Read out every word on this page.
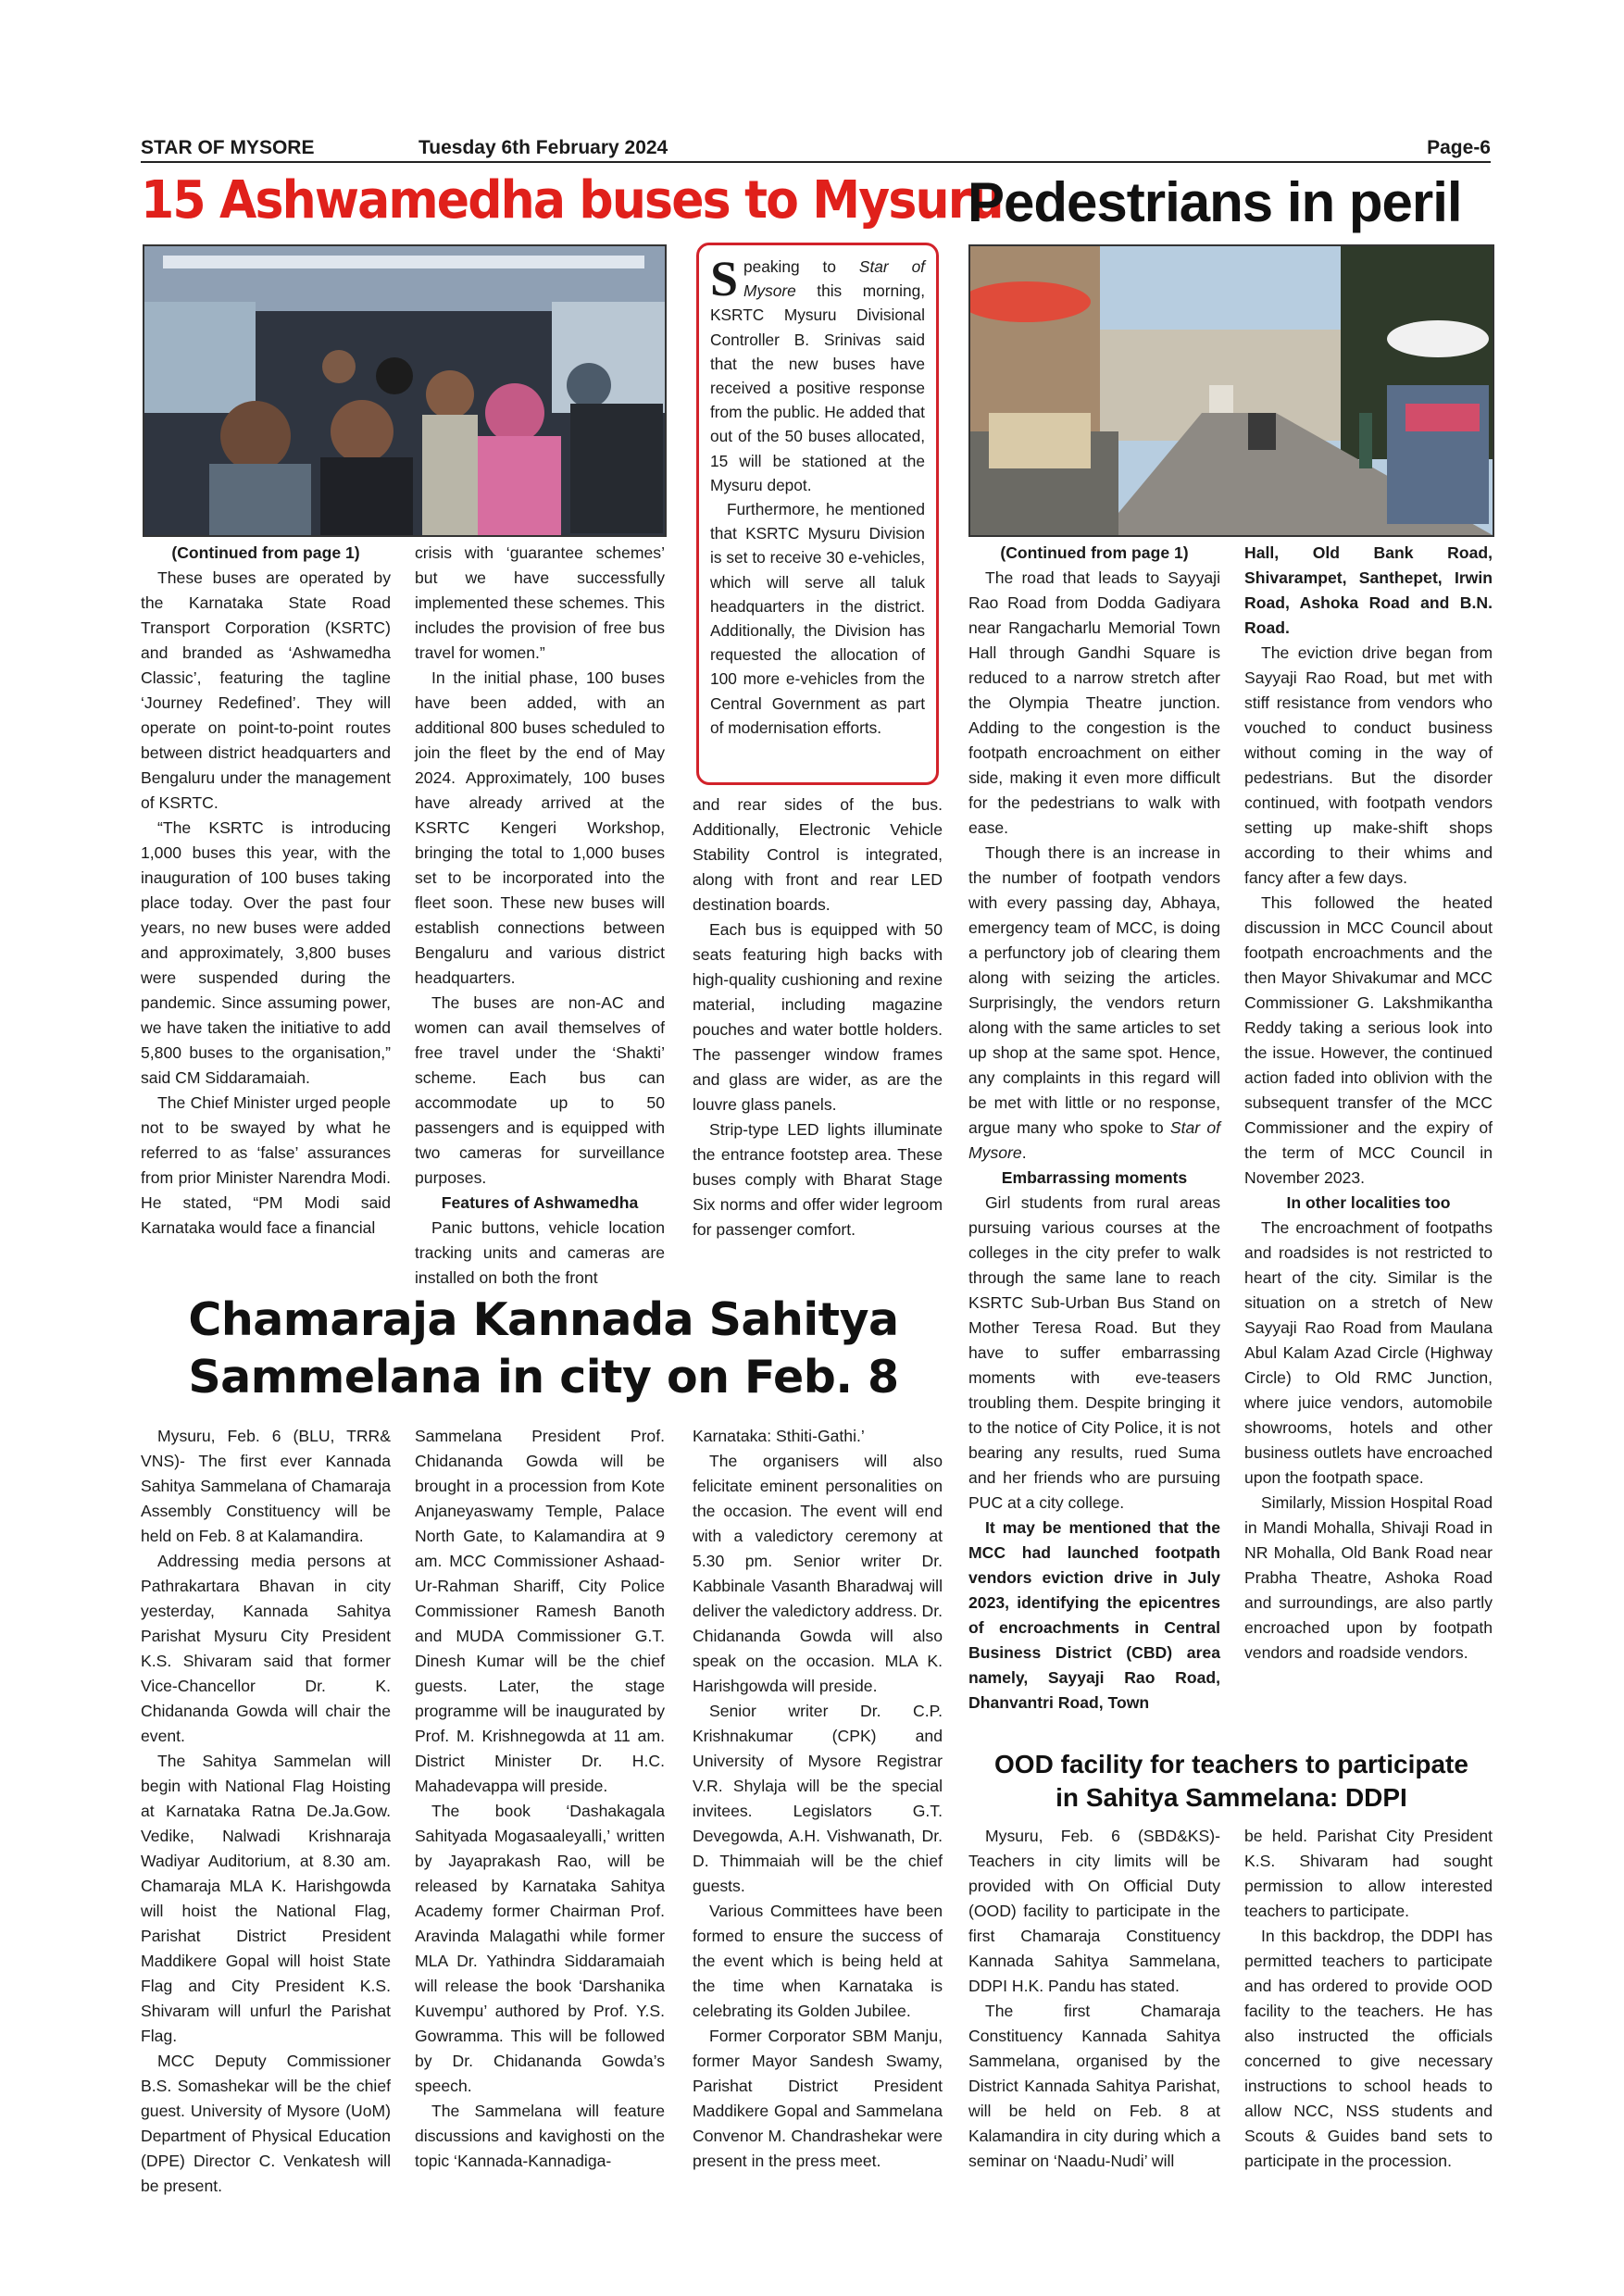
STAR OF MYSORE	Tuesday 6th February 2024	Page-6
15 Ashwamedha buses to Mysuru
Pedestrians in peril

Speaking to Star of Mysore this morning, KSRTC Mysuru Divisional Controller B. Srinivas said that the new buses have received a positive response from the public. He added that out of the 50 buses allocated, 15 will be stationed at the Mysuru depot.

Furthermore, he mentioned that KSRTC Mysuru Division is set to receive 30 e-vehicles, which will serve all taluk headquarters in the district. Additionally, the Division has requested the allocation of 100 more e-vehicles from the Central Government as part of modernisation efforts.

(Continued from page 1)

These buses are operated by the Karnataka State Road Transport Corporation (KSRTC) and branded as ‘Ashwamedha Classic’, featuring the tagline ‘Journey Redefined’. They will operate on point-to-point routes between district headquarters and Bengaluru under the management of KSRTC.

“The KSRTC is introducing 1,000 buses this year, with the inauguration of 100 buses taking place today. Over the past four years, no new buses were added and approximately, 3,800 buses were suspended during the pandemic. Since assuming power, we have taken the initiative to add 5,800 buses to the organisation,” said CM Siddaramaiah.

The Chief Minister urged people not to be swayed by what he referred to as ‘false’ assurances from prior Minister Narendra Modi. He stated, “PM Modi said Karnataka would face a financial

crisis with ‘guarantee schemes’ but we have successfully implemented these schemes. This includes the provision of free bus travel for women.”

In the initial phase, 100 buses have been added, with an additional 800 buses scheduled to join the fleet by the end of May 2024. Approximately, 100 buses have already arrived at the KSRTC Kengeri Workshop, bringing the total to 1,000 buses set to be incorporated into the fleet soon. These new buses will establish connections between Bengaluru and various district headquarters.

The buses are non-AC and women can avail themselves of free travel under the ‘Shakti’ scheme. Each bus can accommodate up to 50 passengers and is equipped with two cameras for surveillance purposes.

Features of Ashwamedha

Panic buttons, vehicle location tracking units and cameras are installed on both the front

and rear sides of the bus. Additionally, Electronic Vehicle Stability Control is integrated, along with front and rear LED destination boards.

Each bus is equipped with 50 seats featuring high backs with high-quality cushioning and rexine material, including magazine pouches and water bottle holders. The passenger window frames and glass are wider, as are the louvre glass panels.

Strip-type LED lights illuminate the entrance footstep area. These buses comply with Bharat Stage Six norms and offer wider legroom for passenger comfort.

(Continued from page 1)

The road that leads to Sayyaji Rao Road from Dodda Gadiyara near Rangacharlu Memorial Town Hall through Gandhi Square is reduced to a narrow stretch after the Olympia Theatre junction. Adding to the congestion is the footpath encroachment on either side, making it even more difficult for the pedestrians to walk with ease.

Though there is an increase in the number of footpath vendors with every passing day, Abhaya, emergency team of MCC, is doing a perfunctory job of clearing them along with seizing the articles. Surprisingly, the vendors return along with the same articles to set up shop at the same spot. Hence, any complaints in this regard will be met with little or no response, argue many who spoke to Star of Mysore.

Embarrassing moments

Girl students from rural areas pursuing various courses at the colleges in the city prefer to walk through the same lane to reach KSRTC Sub-Urban Bus Stand on Mother Teresa Road. But they have to suffer embarrassing moments with eve-teasers troubling them. Despite bringing it to the notice of City Police, it is not bearing any results, rued Suma and her friends who are pursuing PUC at a city college.

It may be mentioned that the MCC had launched footpath vendors eviction drive in July 2023, identifying the epicentres of encroachments in Central Business District (CBD) area namely, Sayyaji Rao Road, Dhanvantri Road, Town

Hall, Old Bank Road, Shivarampet, Santhepet, Irwin Road, Ashoka Road and B.N. Road.

The eviction drive began from Sayyaji Rao Road, but met with stiff resistance from vendors who vouched to conduct business without coming in the way of pedestrians. But the disorder continued, with footpath vendors setting up make-shift shops according to their whims and fancy after a few days.

This followed the heated discussion in MCC Council about footpath encroachments and the then Mayor Shivakumar and MCC Commissioner G. Lakshmikantha Reddy taking a serious look into the issue. However, the continued action faded into oblivion with the subsequent transfer of the MCC Commissioner and the expiry of the term of MCC Council in November 2023.

In other localities too

The encroachment of footpaths and roadsides is not restricted to heart of the city. Similar is the situation on a stretch of New Sayyaji Rao Road from Maulana Abul Kalam Azad Circle (Highway Circle) to Old RMC Junction, where juice vendors, automobile showrooms, hotels and other business outlets have encroached upon the footpath space.

Similarly, Mission Hospital Road in Mandi Mohalla, Shivaji Road in NR Mohalla, Old Bank Road near Prabha Theatre, Ashoka Road and surroundings, are also partly encroached upon by footpath vendors and roadside vendors.

Chamaraja Kannada Sahitya
Sammelana in city on Feb. 8

Mysuru, Feb. 6 (BLU, TRR& VNS)- The first ever Kannada Sahitya Sammelana of Chamaraja Assembly Constituency will be held on Feb. 8 at Kalamandira.

Addressing media persons at Pathrakartara Bhavan in city yesterday, Kannada Sahitya Parishat Mysuru City President K.S. Shivaram said that former Vice-Chancellor Dr. K. Chidananda Gowda will chair the event.

The Sahitya Sammelan will begin with National Flag Hoisting at Karnataka Ratna De.Ja.Gow. Vedike, Nalwadi Krishnaraja Wadiyar Auditorium, at 8.30 am. Chamaraja MLA K. Harishgowda will hoist the National Flag, Parishat District President Maddikere Gopal will hoist State Flag and City President K.S. Shivaram will unfurl the Parishat Flag.

MCC Deputy Commissioner B.S. Somashekar will be the chief guest. University of Mysore (UoM) Department of Physical Education (DPE) Director C. Venkatesh will be present.

Sammelana President Prof. Chidananda Gowda will be brought in a procession from Kote Anjaneyaswamy Temple, Palace North Gate, to Kalamandira at 9 am. MCC Commissioner Ashaad-Ur-Rahman Shariff, City Police Commissioner Ramesh Banoth and MUDA Commissioner G.T. Dinesh Kumar will be the chief guests. Later, the stage programme will be inaugurated by Prof. M. Krishnegowda at 11 am. District Minister Dr. H.C. Mahadevappa will preside.

The book ‘Dashakagala Sahityada Mogasaaleyalli,’ written by Jayaprakash Rao, will be released by Karnataka Sahitya Academy former Chairman Prof. Aravinda Malagathi while former MLA Dr. Yathindra Siddaramaiah will release the book ‘Darshanika Kuvempu’ authored by Prof. Y.S. Gowramma. This will be followed by Dr. Chidananda Gowda’s speech.

The Sammelana will feature discussions and kavighosti on the topic ‘Kannada-Kannadiga-

Karnataka: Sthiti-Gathi.’

The organisers will also felicitate eminent personalities on the occasion. The event will end with a valedictory ceremony at 5.30 pm. Senior writer Dr. Kabbinale Vasanth Bharadwaj will deliver the valedictory address. Dr. Chidananda Gowda will also speak on the occasion. MLA K. Harishgowda will preside.

Senior writer Dr. C.P. Krishnakumar (CPK) and University of Mysore Registrar V.R. Shylaja will be the special invitees. Legislators G.T. Devegowda, A.H. Vishwanath, Dr. D. Thimmaiah will be the chief guests.

Various Committees have been formed to ensure the success of the event which is being held at the time when Karnataka is celebrating its Golden Jubilee.

Former Corporator SBM Manju, former Mayor Sandesh Swamy, Parishat District President Maddikere Gopal and Sammelana Convenor M. Chandrashekar were present in the press meet.

OOD facility for teachers to participate
in Sahitya Sammelana: DDPI

Mysuru, Feb. 6 (SBD&KS)- Teachers in city limits will be provided with On Official Duty (OOD) facility to participate in the first Chamaraja Constituency Kannada Sahitya Sammelana, DDPI H.K. Pandu has stated.

The first Chamaraja Constituency Kannada Sahitya Sammelana, organised by the District Kannada Sahitya Parishat, will be held on Feb. 8 at Kalamandira in city during which a seminar on ‘Naadu-Nudi’ will

be held. Parishat City President K.S. Shivaram had sought permission to allow interested teachers to participate.

In this backdrop, the DDPI has permitted teachers to participate and has ordered to provide OOD facility to the teachers. He has also instructed the officials concerned to give necessary instructions to school heads to allow NCC, NSS students and Scouts & Guides band sets to participate in the procession.
